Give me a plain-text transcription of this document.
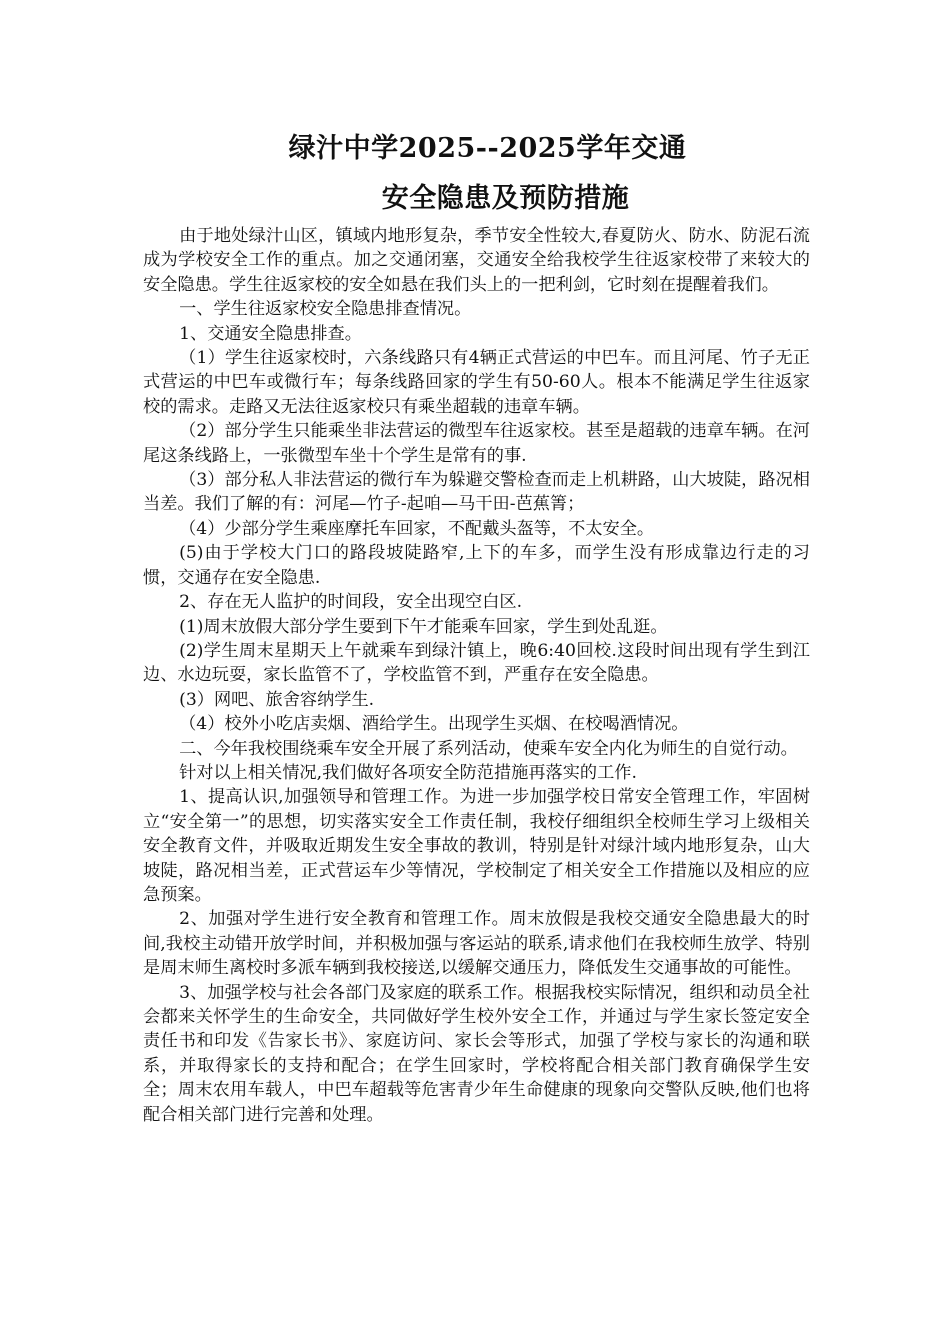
绿汁中学2025--2025学年交通
安全隐患及预防措施

由于地处绿汁山区，镇域内地形复杂，季节安全性较大,春夏防火、防水、防泥石流成为学校安全工作的重点。加之交通闭塞，交通安全给我校学生往返家校带了来较大的安全隐患。学生往返家校的安全如悬在我们头上的一把利剑，它时刻在提醒着我们。

一、学生往返家校安全隐患排查情况。

1、交通安全隐患排查。

（1）学生往返家校时，六条线路只有4辆正式营运的中巴车。而且河尾、竹子无正式营运的中巴车或微行车；每条线路回家的学生有50-60人。根本不能满足学生往返家校的需求。走路又无法往返家校只有乘坐超载的违章车辆。

（2）部分学生只能乘坐非法营运的微型车往返家校。甚至是超载的违章车辆。在河尾这条线路上，一张微型车坐十个学生是常有的事.

（3）部分私人非法营运的微行车为躲避交警检查而走上机耕路，山大坡陡，路况相当差。我们了解的有：河尾—竹子-起咱—马干田-芭蕉箐；

（4）少部分学生乘座摩托车回家，不配戴头盔等，不太安全。

(5)由于学校大门口的路段坡陡路窄,上下的车多，而学生没有形成靠边行走的习惯，交通存在安全隐患.

2、存在无人监护的时间段，安全出现空白区.

(1)周末放假大部分学生要到下午才能乘车回家，学生到处乱逛。

(2)学生周末星期天上午就乘车到绿汁镇上，晚6:40回校.这段时间出现有学生到江边、水边玩耍，家长监管不了，学校监管不到，严重存在安全隐患。

(3）网吧、旅舍容纳学生.

（4）校外小吃店卖烟、酒给学生。出现学生买烟、在校喝酒情况。

二、今年我校围绕乘车安全开展了系列活动，使乘车安全内化为师生的自觉行动。

针对以上相关情况,我们做好各项安全防范措施再落实的工作.

1、提高认识,加强领导和管理工作。为进一步加强学校日常安全管理工作，牢固树立“安全第一”的思想，切实落实安全工作责任制，我校仔细组织全校师生学习上级相关安全教育文件，并吸取近期发生安全事故的教训，特别是针对绿汁域内地形复杂，山大坡陡，路况相当差，正式营运车少等情况，学校制定了相关安全工作措施以及相应的应急预案。

2、加强对学生进行安全教育和管理工作。周末放假是我校交通安全隐患最大的时间,我校主动错开放学时间，并积极加强与客运站的联系,请求他们在我校师生放学、特别是周末师生离校时多派车辆到我校接送,以缓解交通压力，降低发生交通事故的可能性。

3、加强学校与社会各部门及家庭的联系工作。根据我校实际情况，组织和动员全社会都来关怀学生的生命安全，共同做好学生校外安全工作，并通过与学生家长签定安全责任书和印发《告家长书》、家庭访问、家长会等形式，加强了学校与家长的沟通和联系，并取得家长的支持和配合；在学生回家时，学校将配合相关部门教育确保学生安全；周末农用车载人，中巴车超载等危害青少年生命健康的现象向交警队反映,他们也将配合相关部门进行完善和处理。
